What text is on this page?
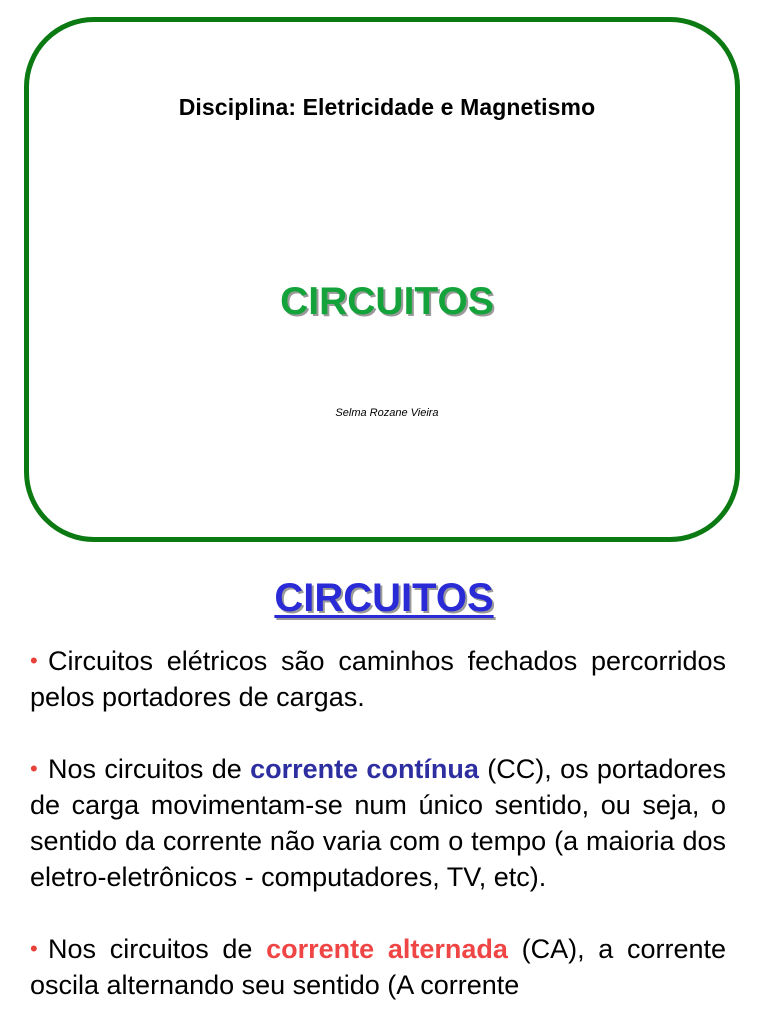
Disciplina: Eletricidade e Magnetismo
CIRCUITOS
Selma Rozane Vieira
CIRCUITOS

• Circuitos elétricos são caminhos fechados percorridos pelos portadores de cargas.

• Nos circuitos de corrente contínua (CC), os portadores de carga movimentam-se num único sentido, ou seja, o sentido da corrente não varia com o tempo (a maioria dos eletro-eletrônicos - computadores, TV, etc).

• Nos circuitos de corrente alternada (CA), a corrente oscila alternando seu sentido (A corrente
